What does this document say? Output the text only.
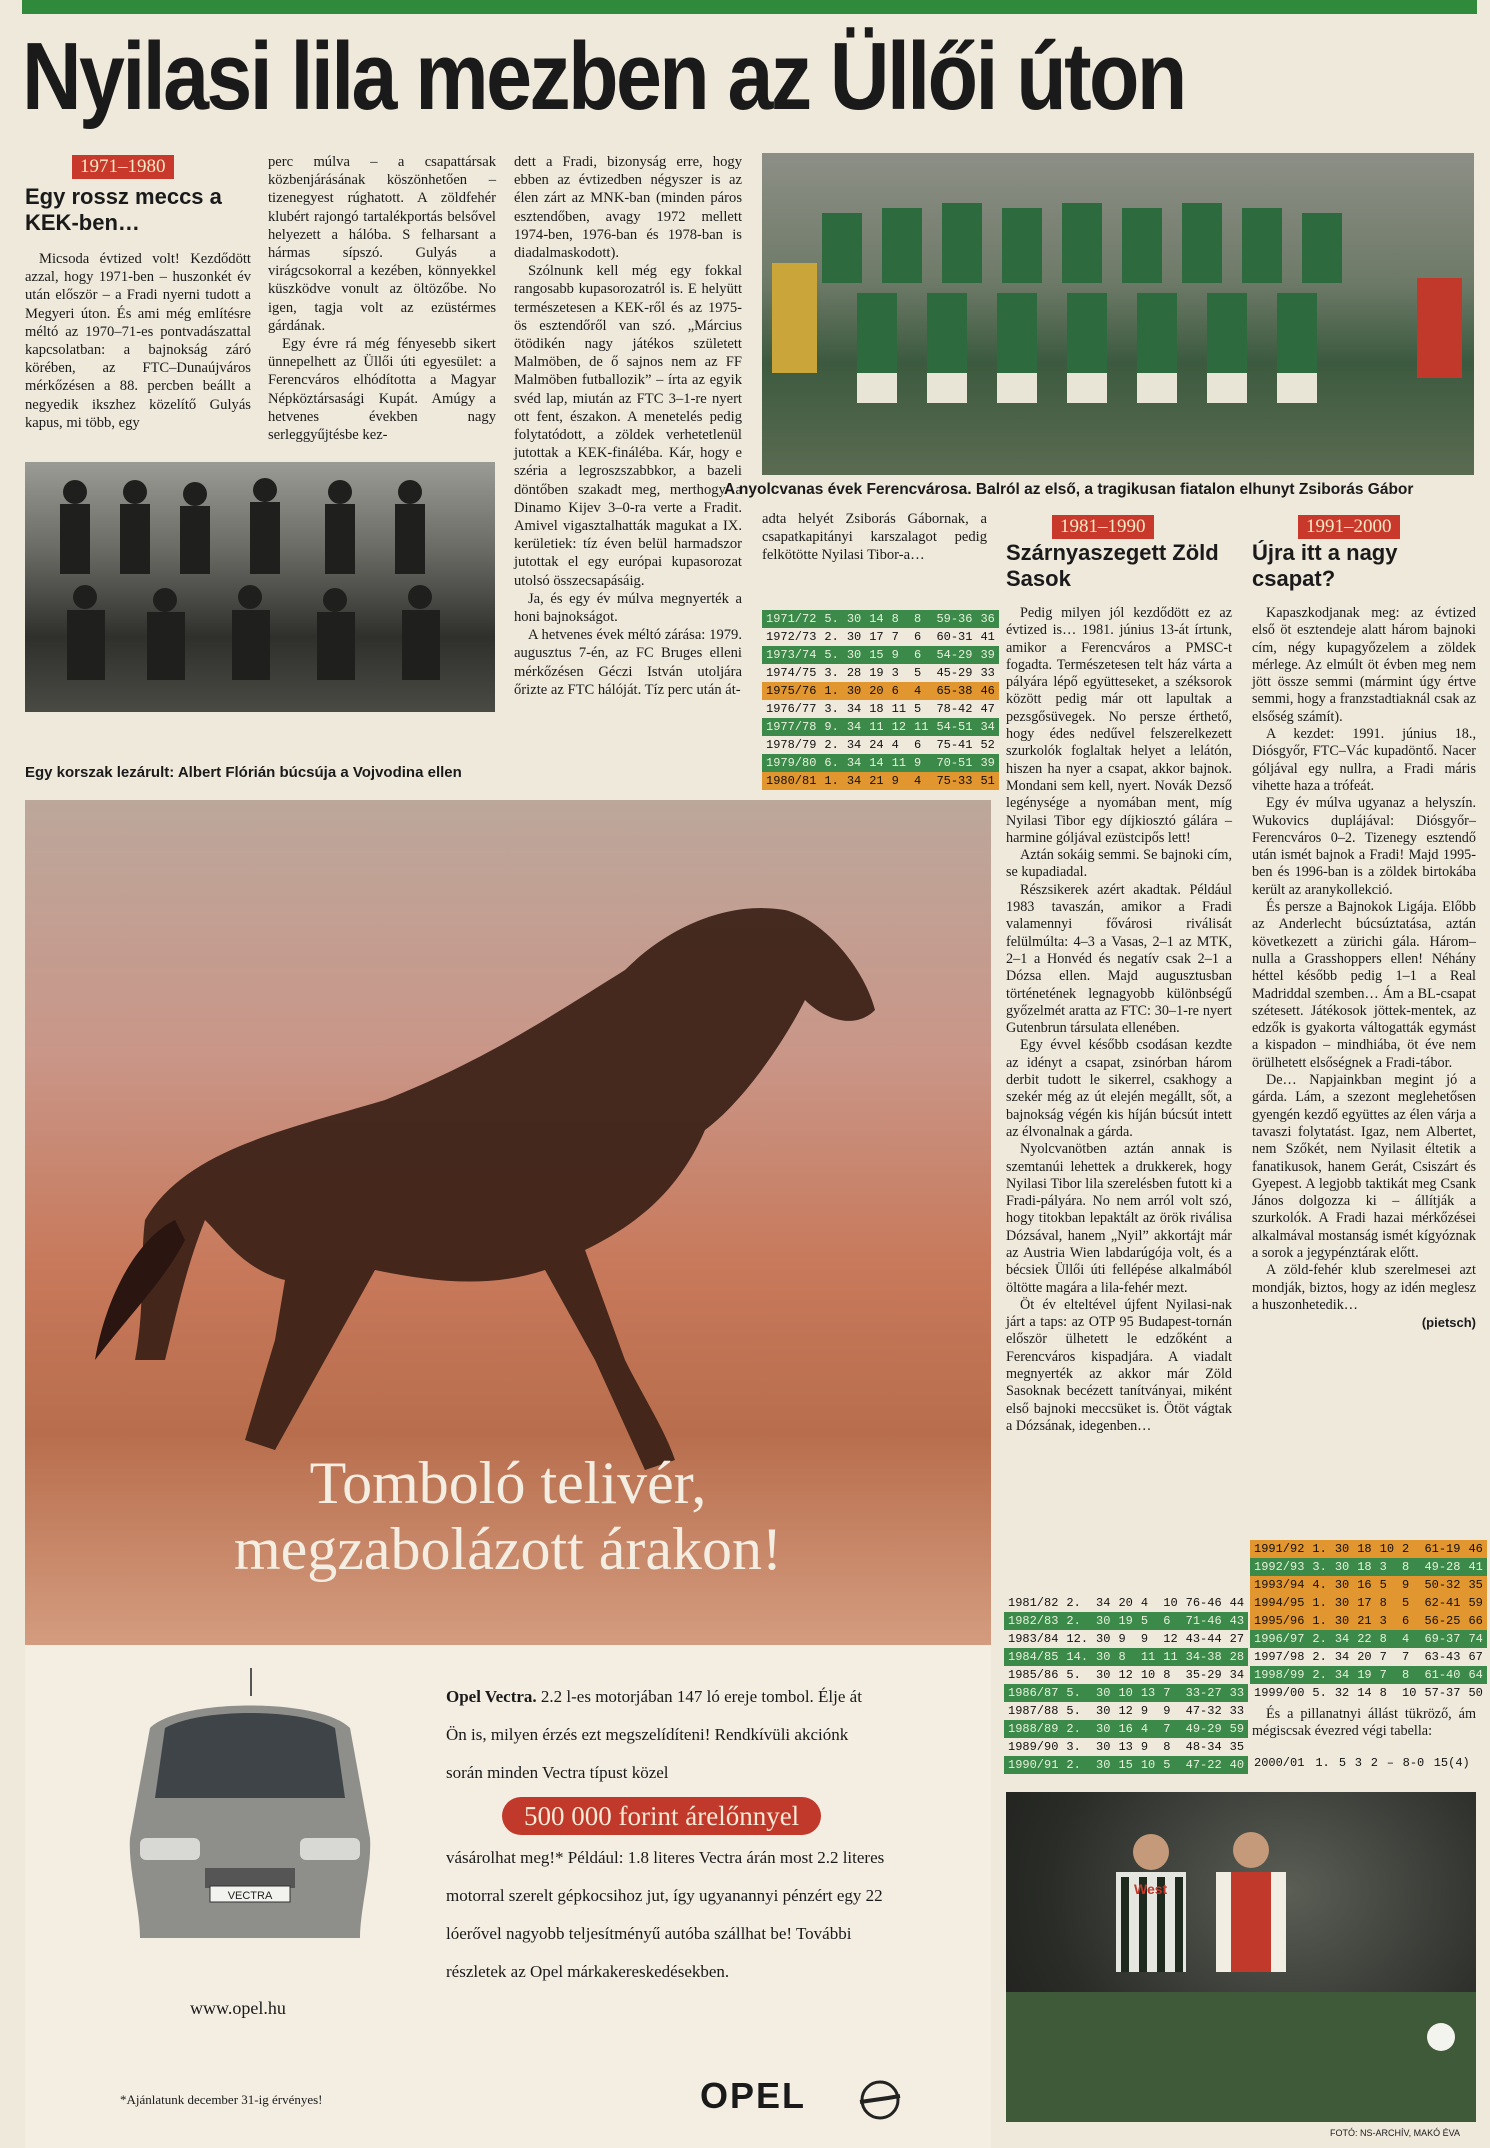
Nyilasi lila mezben az Üllői úton
1971–1980
Egy rossz meccs a KEK-ben…

Micsoda évtized volt! Kezdődött azzal, hogy 1971-ben – huszonkét év után először – a Fradi nyerni tudott a Megyeri úton. És ami még említésre méltó az 1970–71-es pontvadászattal kapcsolatban: a bajnokság záró körében, az FTC–Dunaújváros mérkőzésen a 88. percben beállt a negyedik ikszhez közelítő Gulyás kapus, mi több, egy

perc múlva – a csapattársak közbenjárásának köszönhetően – tizenegyest rúghatott. A zöldfehér klubért rajongó tartalékportás belsővel helyezett a hálóba. S felharsant a hármas sípszó. Gulyás a virágcsokorral a kezében, könnyekkel küszködve vonult az öltözőbe. No igen, tagja volt az ezüstérmes gárdának.

Egy évre rá még fényesebb sikert ünnepelhett az Üllői úti egyesület: a Ferencváros elhódította a Magyar Népköztársasági Kupát. Amúgy a hetvenes években nagy serleggyűjtésbe kez-

dett a Fradi, bizonyság erre, hogy ebben az évtizedben négyszer is az élen zárt az MNK-ban (minden páros esztendőben, avagy 1972 mellett 1974-ben, 1976-ban és 1978-ban is diadalmaskodott).

Szólnunk kell még egy fokkal rangosabb kupasorozatról is. E helyütt természetesen a KEK-ről és az 1975-ös esztendőről van szó. „Március ötödikén nagy játékos született Malmöben, de ő sajnos nem az FF Malmöben futballozik” – írta az egyik svéd lap, miután az FTC 3–1-re nyert ott fent, északon. A menetelés pedig folytatódott, a zöldek verhetetlenül jutottak a KEK-fináléba. Kár, hogy e széria a legroszszabbkor, a bazeli döntőben szakadt meg, merthogy a Dinamo Kijev 3–0-ra verte a Fradit. Amivel vigasztalhatták magukat a IX. kerületiek: tíz éven belül harmadszor jutottak el egy európai kupasorozat utolsó összecsapásáig.

Ja, és egy év múlva megnyerték a honi bajnokságot.

A hetvenes évek méltó zárása: 1979. augusztus 7-én, az FC Bruges elleni mérkőzésen Géczi István utoljára őrizte az FTC hálóját. Tíz perc után át-

Egy korszak lezárult: Albert Flórián búcsúja a Vojvodina ellen
A nyolcvanas évek Ferencvárosa. Balról az első, a tragikusan fiatalon elhunyt Zsiborás Gábor

adta helyét Zsiborás Gábornak, a csapatkapitányi karszalagot pedig felkötötte Nyilasi Tibor-a…

1971/72	5.	30	14	8	8	59-36	36
1972/73	2.	30	17	7	6	60-31	41
1973/74	5.	30	15	9	6	54-29	39
1974/75	3.	28	19	3	5	45-29	33
1975/76	1.	30	20	6	4	65-38	46
1976/77	3.	34	18	11	5	78-42	47
1977/78	9.	34	11	12	11	54-51	34
1978/79	2.	34	24	4	6	75-41	52
1979/80	6.	34	14	11	9	70-51	39
1980/81	1.	34	21	9	4	75-33	51
1981–1990
Szárnyaszegett Zöld Sasok
1991–2000
Újra itt a nagy csapat?

Pedig milyen jól kezdődött ez az évtized is… 1981. június 13-át írtunk, amikor a Ferencváros a PMSC-t fogadta. Természetesen telt ház várta a pályára lépő együtteseket, a széksorok között pedig már ott lapultak a pezsgősüvegek. No persze érthető, hogy édes nedűvel felszerelkezett szurkolók foglaltak helyet a lelátón, hiszen ha nyer a csapat, akkor bajnok. Mondani sem kell, nyert. Novák Dezső legénysége a nyomában ment, míg Nyilasi Tibor egy díjkiosztó gálára – harmine góljával ezüstcipős lett!

Aztán sokáig semmi. Se bajnoki cím, se kupadiadal.

Részsikerek azért akadtak. Például 1983 tavaszán, amikor a Fradi valamennyi fővárosi riválisát felülmúlta: 4–3 a Vasas, 2–1 az MTK, 2–1 a Honvéd és negatív csak 2–1 a Dózsa ellen. Majd augusztusban történetének legnagyobb különbségű győzelmét aratta az FTC: 30–1-re nyert Gutenbrun társulata ellenében.

Egy évvel később csodásan kezdte az idényt a csapat, zsinórban három derbit tudott le sikerrel, csakhogy a szekér még az út elején megállt, sőt, a bajnokság végén kis híján búcsút intett az élvonalnak a gárda.

Nyolcvanötben aztán annak is szemtanúi lehettek a drukkerek, hogy Nyilasi Tibor lila szerelésben futott ki a Fradi-pályára. No nem arról volt szó, hogy titokban lepaktált az örök riválisa Dózsával, hanem „Nyil” akkortájt már az Austria Wien labdarúgója volt, és a bécsiek Üllői úti fellépése alkalmából öltötte magára a lila-fehér mezt.

Öt év elteltével újfent Nyilasi-nak járt a taps: az OTP 95 Budapest-tornán először ülhetett le edzőként a Ferencváros kispadjára. A viadalt megnyerték az akkor már Zöld Sasoknak becézett tanítványai, miként első bajnoki meccsüket is. Ötöt vágtak a Dózsának, idegenben…

1981/82	2.	34	20	4	10	76-46	44
1982/83	2.	30	19	5	6	71-46	43
1983/84	12.	30	9	9	12	43-44	27
1984/85	14.	30	8	11	11	34-38	28
1985/86	5.	30	12	10	8	35-29	34
1986/87	5.	30	10	13	7	33-27	33
1987/88	5.	30	12	9	9	47-32	33
1988/89	2.	30	16	4	7	49-29	59
1989/90	3.	30	13	9	8	48-34	35
1990/91	2.	30	15	10	5	47-22	40

Kapaszkodjanak meg: az évtized első öt esztendeje alatt három bajnoki cím, négy kupagyőzelem a zöldek mérlege. Az elmúlt öt évben meg nem jött össze semmi (mármint úgy értve semmi, hogy a franzstadtiaknál csak az elsőség számít).

A kezdet: 1991. június 18., Diósgyőr, FTC–Vác kupadöntő. Nacer góljával egy nullra, a Fradi máris vihette haza a trófeát.

Egy év múlva ugyanaz a helyszín. Wukovics duplájával: Diósgyőr–Ferencváros 0–2. Tizenegy esztendő után ismét bajnok a Fradi! Majd 1995-ben és 1996-ban is a zöldek birtokába került az aranykollekció.

És persze a Bajnokok Ligája. Előbb az Anderlecht búcsúztatása, aztán következett a zürichi gála. Három–nulla a Grasshoppers ellen! Néhány héttel később pedig 1–1 a Real Madriddal szemben… Ám a BL-csapat szétesett. Játékosok jöttek-mentek, az edzők is gyakorta váltogatták egymást a kispadon – mindhiába, öt éve nem örülhetett elsőségnek a Fradi-tábor.

De… Napjainkban megint jó a gárda. Lám, a szezont meglehetősen gyengén kezdő együttes az élen várja a tavaszi folytatást. Igaz, nem Albertet, nem Szőkét, nem Nyilasit éltetik a fanatikusok, hanem Gerát, Csiszárt és Gyepest. A legjobb taktikát meg Csank János dolgozza ki – állítják a szurkolók. A Fradi hazai mérkőzései alkalmával mostanság ismét kígyóznak a sorok a jegypénztárak előtt.

A zöld-fehér klub szerelmesei azt mondják, biztos, hogy az idén meglesz a huszonhetedik…

(pietsch)
1991/92	1.	30	18	10	2	61-19	46
1992/93	3.	30	18	3	8	49-28	41
1993/94	4.	30	16	5	9	50-32	35
1994/95	1.	30	17	8	5	62-41	59
1995/96	1.	30	21	3	6	56-25	66
1996/97	2.	34	22	8	4	69-37	74
1997/98	2.	34	20	7	7	63-43	67
1998/99	2.	34	19	7	8	61-40	64
1999/00	5.	32	14	8	10	57-37	50

És a pillanatnyi állást tükröző, ám mégiscsak évezred végi tabella:

2000/01	1.	5	3	2	–	8-0	15(4)
West
FOTÓ: NS-ARCHÍV, MAKÓ ÉVA
Tomboló telivér,
megzabolázott árakon!
VECTRA
www.opel.hu
Opel Vectra. 2.2 l-es motorjában 147 ló ereje tombol. Élje át Ön is, milyen érzés ezt megszelídíteni! Rendkívüli akciónk során minden Vectra típust közel
500 000 forint árelőnnyel
vásárolhat meg!* Például: 1.8 literes Vectra árán most 2.2 literes motorral szerelt gépkocsihoz jut, így ugyanannyi pénzért egy 22 lóerővel nagyobb teljesítményű autóba szállhat be! További részletek az Opel márkakereskedésekben.
*Ajánlatunk december 31-ig érvényes!	OPEL
